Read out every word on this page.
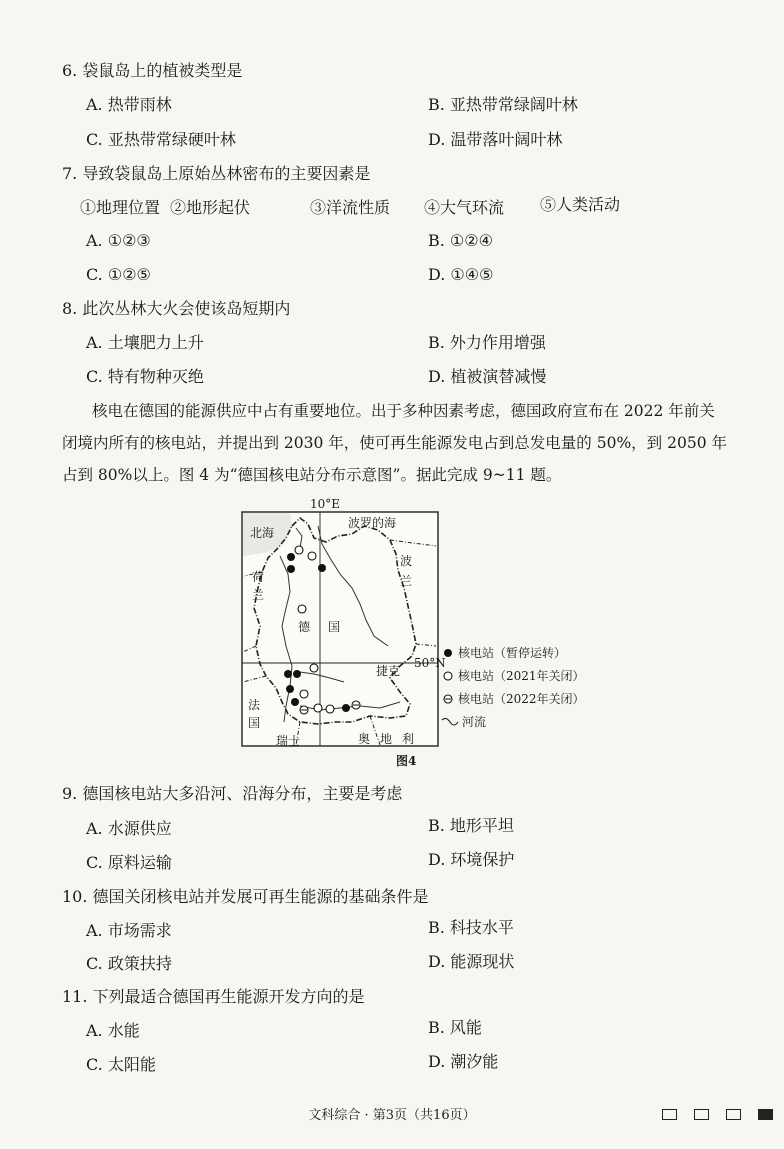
6. 袋鼠岛上的植被类型是
A. 热带雨林	B. 亚热带常绿阔叶林
C. 亚热带常绿硬叶林	D. 温带落叶阔叶林
7. 导致袋鼠岛上原始丛林密布的主要因素是
①地理位置 ②地形起伏	③洋流性质 ④大气环流 ⑤人类活动
A. ①②③	B. ①②④
C. ①②⑤	D. ①④⑤
8. 此次丛林大火会使该岛短期内
A. 土壤肥力上升	B. 外力作用增强
C. 特有物种灭绝	D. 植被演替减慢
核电在德国的能源供应中占有重要地位。出于多种因素考虑，德国政府宣布在 2022 年前关
闭境内所有的核电站，并提出到 2030 年，使可再生能源发电占到总发电量的 50%，到 2050 年
占到 80%以上。图 4 为“德国核电站分布示意图”。据此完成 9~11 题。
10°E
50°N
北海
波罗的海
荷
兰
波
兰
德 国
捷克
法
国
瑞士	奥 地 利
核电站（暂停运转）
核电站（2021年关闭）
核电站（2022年关闭）
河流
图4
9. 德国核电站大多沿河、沿海分布，主要是考虑
A. 水源供应	B. 地形平坦
C. 原料运输	D. 环境保护
10. 德国关闭核电站并发展可再生能源的基础条件是
A. 市场需求	B. 科技水平
C. 政策扶持	D. 能源现状
11. 下列最适合德国再生能源开发方向的是
A. 水能	B. 风能
C. 太阳能	D. 潮汐能
文科综合 · 第3页（共16页）
